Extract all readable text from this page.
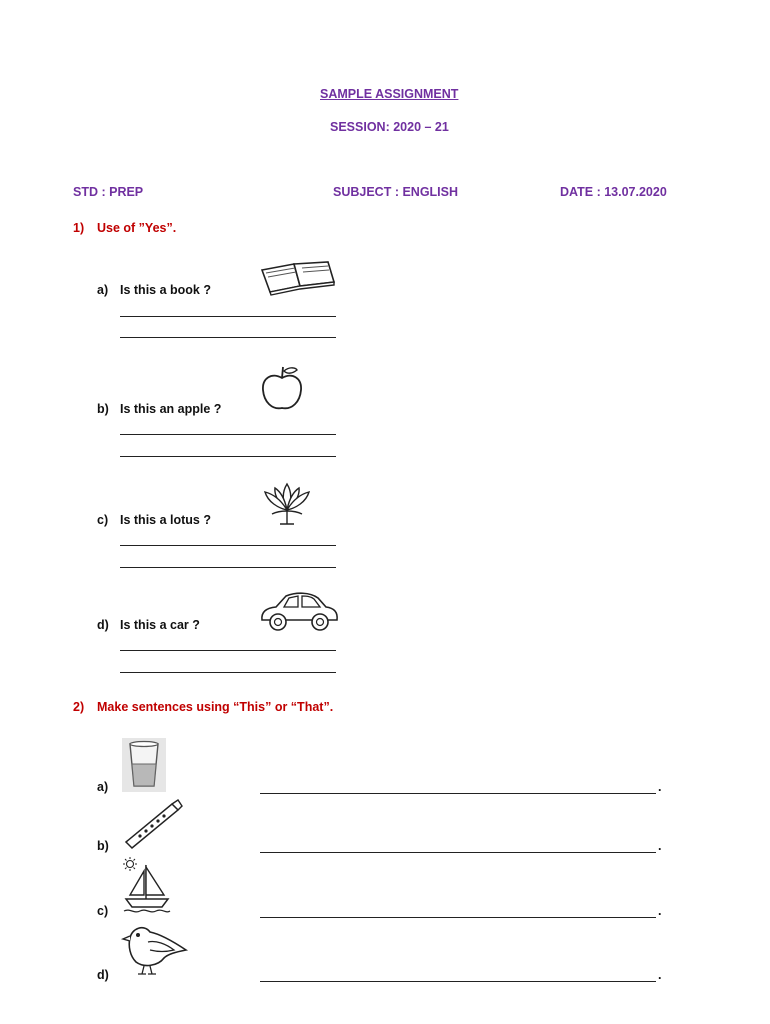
SAMPLE ASSIGNMENT
SESSION: 2020 – 21
STD : PREP	SUBJECT : ENGLISH	DATE : 13.07.2020
1) Use of ”Yes”.
a) Is this a book ?
b) Is this an apple ?
c) Is this a lotus ?
d) Is this a car ?
2) Make sentences using “This” or “That”.
a)	.
b)	.
c)	.
d)	.
